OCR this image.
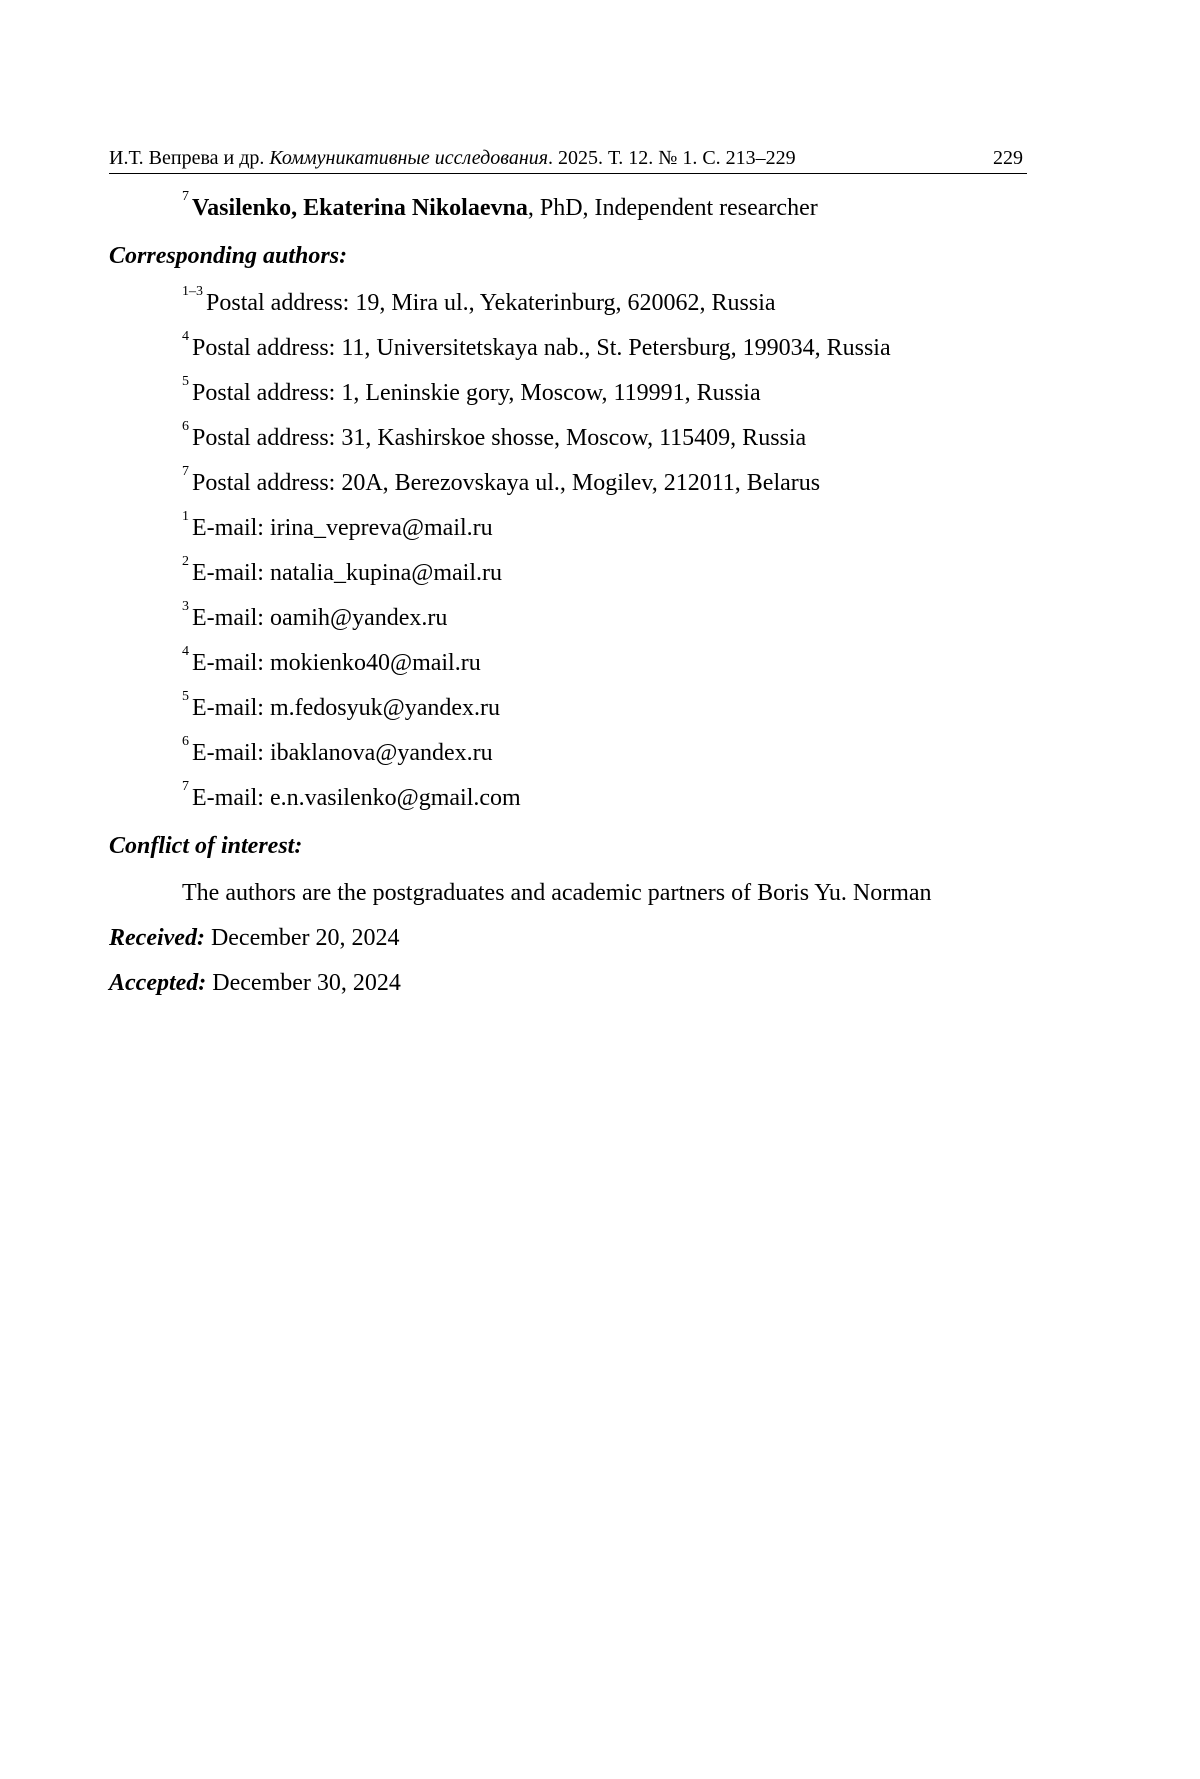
И.Т. Вепрева и др. Коммуникативные исследования. 2025. Т. 12. № 1. С. 213–229	229
$^7$ Vasilenko, Ekaterina Nikolaevna, PhD, Independent researcher
Corresponding authors:
$^{1-3}$ Postal address: 19, Mira ul., Yekaterinburg, 620062, Russia
$^4$ Postal address: 11, Universitetskaya nab., St. Petersburg, 199034, Russia
$^5$ Postal address: 1, Leninskie gory, Moscow, 119991, Russia
$^6$ Postal address: 31, Kashirskoe shosse, Moscow, 115409, Russia
$^7$ Postal address: 20A, Berezovskaya ul., Mogilev, 212011, Belarus
$^1$ E-mail: irina_vepreva@mail.ru
$^2$ E-mail: natalia_kupina@mail.ru
$^3$ E-mail: oamih@yandex.ru
$^4$ E-mail: mokienko40@mail.ru
$^5$ E-mail: m.fedosyuk@yandex.ru
$^6$ E-mail: ibaklanova@yandex.ru
$^7$ E-mail: e.n.vasilenko@gmail.com
Conflict of interest:
The authors are the postgraduates and academic partners of Boris Yu. Norman
Received: December 20, 2024
Accepted: December 30, 2024
